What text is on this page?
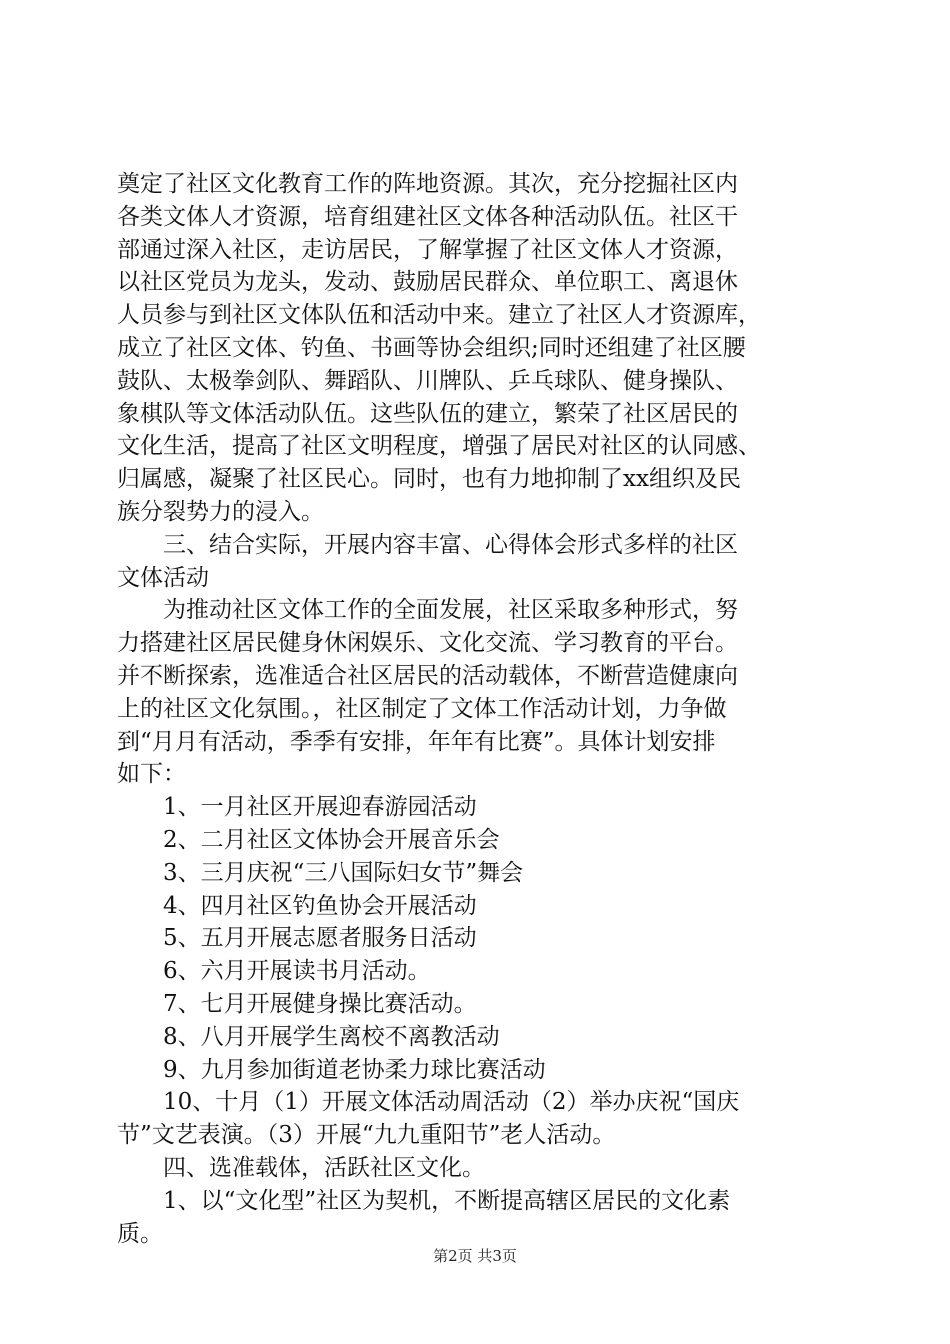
奠定了社区文化教育工作的阵地资源。其次，充分挖掘社区内
各类文体人才资源，培育组建社区文体各种活动队伍。社区干
部通过深入社区，走访居民，了解掌握了社区文体人才资源，
以社区党员为龙头，发动、鼓励居民群众、单位职工、离退休
人员参与到社区文体队伍和活动中来。建立了社区人才资源库，
成立了社区文体、钓鱼、书画等协会组织;同时还组建了社区腰
鼓队、太极拳剑队、舞蹈队、川牌队、乒乓球队、健身操队、
象棋队等文体活动队伍。这些队伍的建立，繁荣了社区居民的
文化生活，提高了社区文明程度，增强了居民对社区的认同感、
归属感，凝聚了社区民心。同时，也有力地抑制了xx组织及民
族分裂势力的浸入。
　　三、结合实际，开展内容丰富、心得体会形式多样的社区
文体活动
　　为推动社区文体工作的全面发展，社区采取多种形式，努
力搭建社区居民健身休闲娱乐、文化交流、学习教育的平台。
并不断探索，选准适合社区居民的活动载体，不断营造健康向
上的社区文化氛围。，社区制定了文体工作活动计划，力争做
到“月月有活动，季季有安排，年年有比赛”。具体计划安排
如下：
　　1、一月社区开展迎春游园活动
　　2、二月社区文体协会开展音乐会
　　3、三月庆祝“三八国际妇女节”舞会
　　4、四月社区钓鱼协会开展活动
　　5、五月开展志愿者服务日活动
　　6、六月开展读书月活动。
　　7、七月开展健身操比赛活动。
　　8、八月开展学生离校不离教活动
　　9、九月参加街道老协柔力球比赛活动
　　10、十月（1）开展文体活动周活动（2）举办庆祝“国庆
节”文艺表演。（3）开展“九九重阳节”老人活动。
　　四、选准载体，活跃社区文化。
　　1、以“文化型”社区为契机，不断提高辖区居民的文化素
质。
第2页 共3页
